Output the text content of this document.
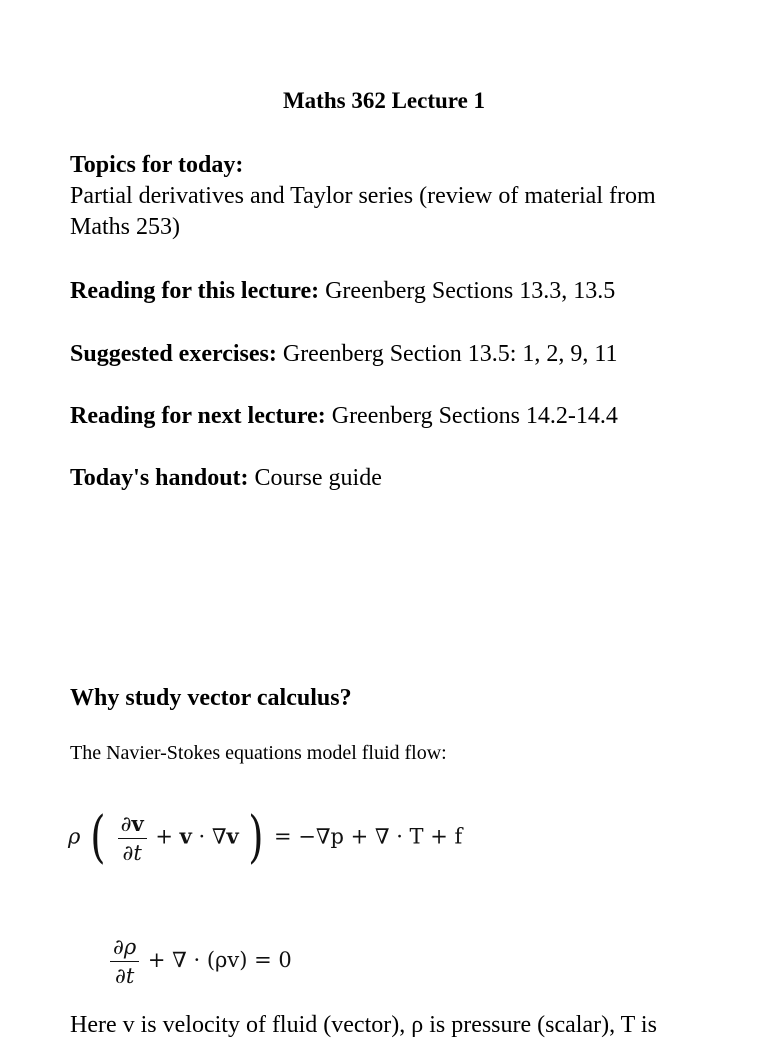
Maths 362 Lecture 1
Topics for today:
Partial derivatives and Taylor series (review of material from Maths 253)
Reading for this lecture: Greenberg Sections 13.3, 13.5
Suggested exercises: Greenberg Section 13.5: 1, 2, 9, 11
Reading for next lecture: Greenberg Sections 14.2-14.4
Today's handout: Course guide
Why study vector calculus?
The Navier-Stokes equations model fluid flow:
ρ ( $\frac{\partial v}{\partial t} + v \cdot \nabla v$ ) = −∇p + ∇ · T + f
$\frac{\partial\rho}{\partial t}$ + ∇ · (ρv) = 0
Here v is velocity of fluid (vector), ρ is pressure (scalar), T is
